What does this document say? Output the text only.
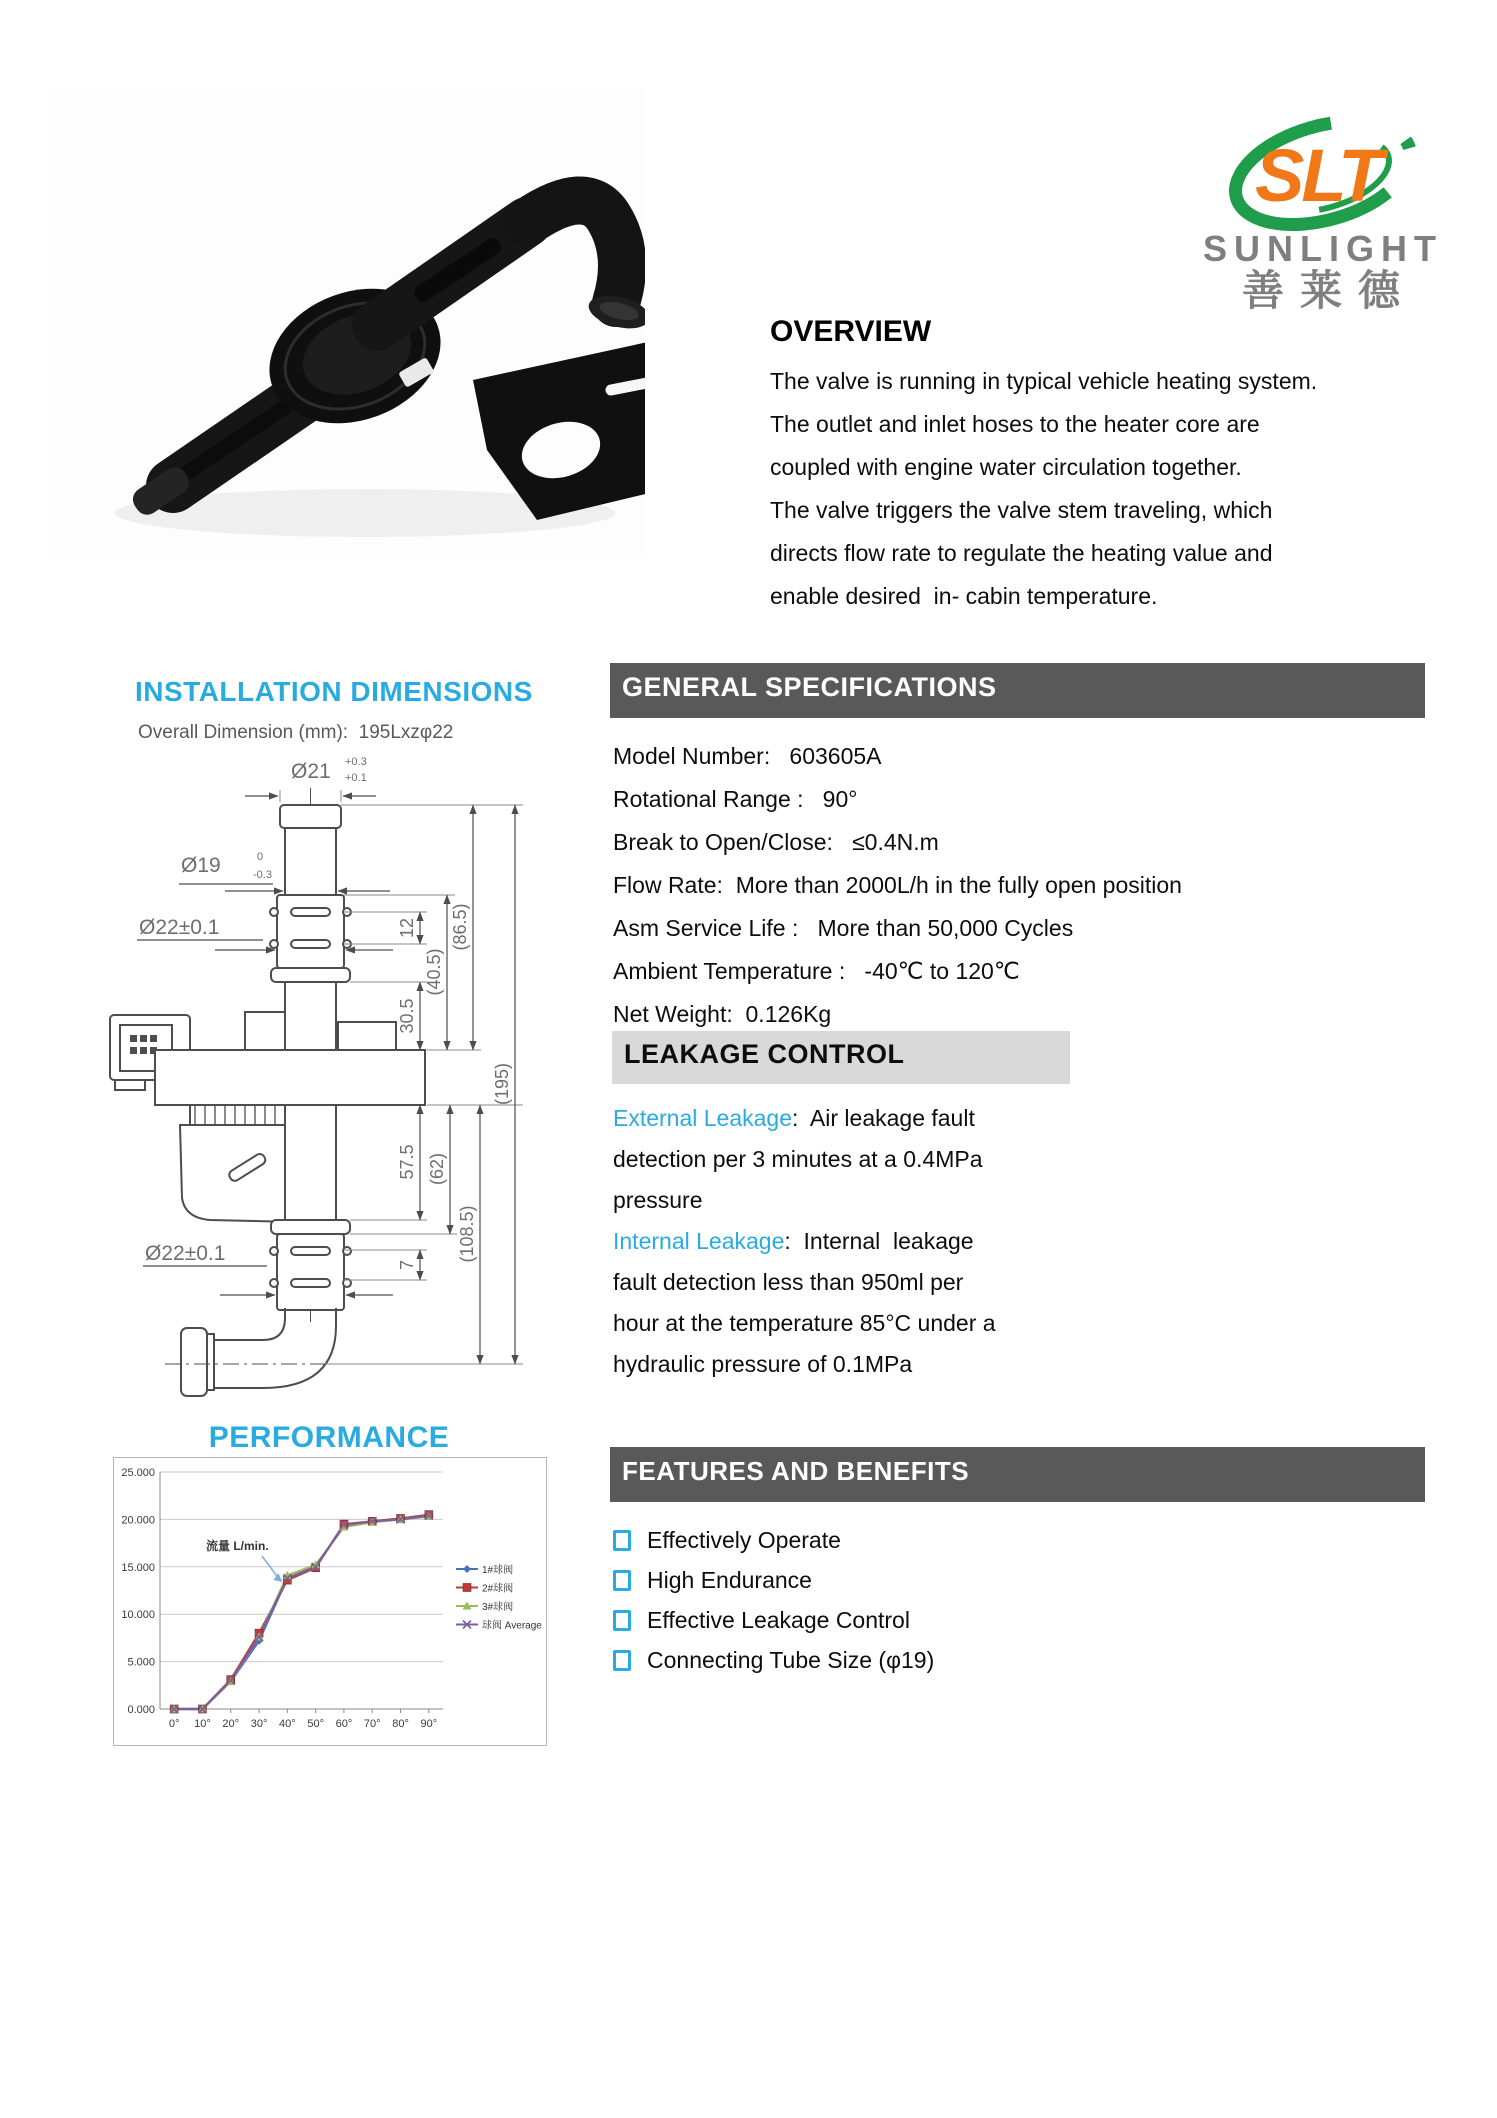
SLT
SUNLIGHT
善莱德
OVERVIEW
The valve is running in typical vehicle heating system.
The outlet and inlet hoses to the heater core are
coupled with engine water circulation together.
The valve triggers the valve stem traveling, which
directs flow rate to regulate the heating value and
enable desired  in- cabin temperature.
INSTALLATION DIMENSIONS
Overall Dimension (mm):  195Lxzφ22
12
(40.5)
30.5
(86.5)
(195)
57.5 (62)
(108.5)
7
Ø21 +0.3
+0.1
Ø19	0
-0.3
Ø22±0.1
Ø22±0.1
GENERAL SPECIFICATIONS
Model Number:   603605A
Rotational Range :   90°
Break to Open/Close:   ≤0.4N.m
Flow Rate:  More than 2000L/h in the fully open position
Asm Service Life :   More than 50,000 Cycles
Ambient Temperature :   -40℃ to 120℃
Net Weight:  0.126Kg
LEAKAGE CONTROL
External Leakage:  Air leakage fault
detection per 3 minutes at a 0.4MPa
pressure
Internal Leakage:  Internal  leakage
fault detection less than 950ml per
hour at the temperature 85°C under a
hydraulic pressure of 0.1MPa
PERFORMANCE
0.000
5.000
10.000
15.000
20.000
25.000
0° 10° 20° 30° 40° 50° 60° 70° 80° 90°
1#球阀
2#球阀
3#球阀
球阀 Average
流量 L/min.
FEATURES AND BENEFITS
Effectively Operate
High Endurance
Effective Leakage Control
Connecting Tube Size (φ19)
